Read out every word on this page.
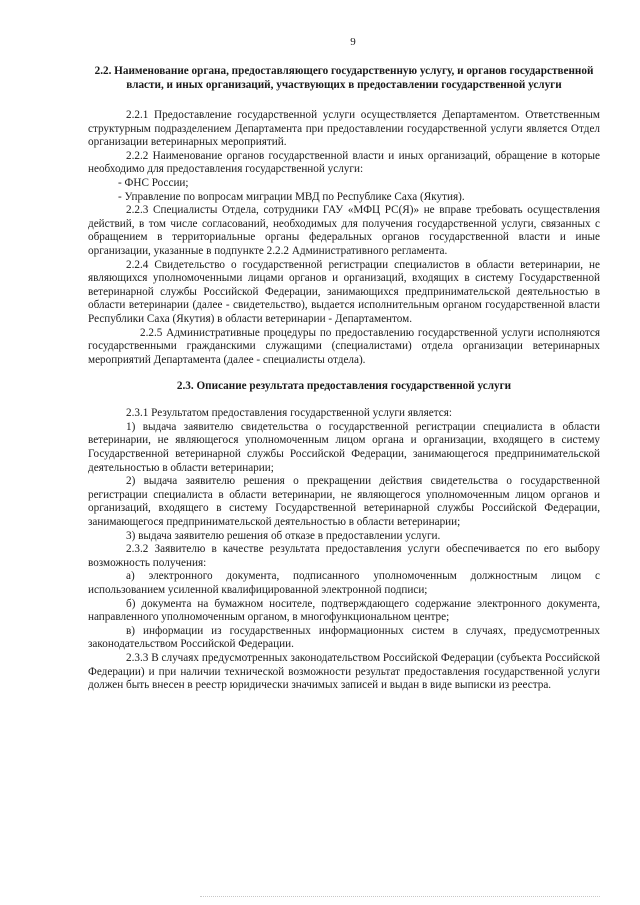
9
2.2. Наименование органа, предоставляющего государственную услугу, и органов государственной власти, и иных организаций, участвующих в предоставлении государственной услуги

2.2.1 Предоставление государственной услуги осуществляется Департаментом. Ответственным структурным подразделением Департамента при предоставлении государственной услуги является Отдел организации ветеринарных мероприятий.

2.2.2 Наименование органов государственной власти и иных организаций, обращение в которые необходимо для предоставления государственной услуги:

- ФНС России;

- Управление по вопросам миграции МВД по Республике Саха (Якутия).

2.2.3 Специалисты Отдела, сотрудники ГАУ «МФЦ РС(Я)» не вправе требовать осуществления действий, в том числе согласований, необходимых для получения государственной услуги, связанных с обращением в территориальные органы федеральных органов государственной власти и иные организации, указанные в подпункте 2.2.2 Административного регламента.

2.2.4 Свидетельство о государственной регистрации специалистов в области ветеринарии, не являющихся уполномоченными лицами органов и организаций, входящих в систему Государственной ветеринарной службы Российской Федерации, занимающихся предпринимательской деятельностью в области ветеринарии (далее - свидетельство), выдается исполнительным органом государственной власти Республики Саха (Якутия) в области ветеринарии - Департаментом.

2.2.5 Административные процедуры по предоставлению государственной услуги исполняются государственными гражданскими служащими (специалистами) отдела организации ветеринарных мероприятий Департамента (далее - специалисты отдела).

2.3. Описание результата предоставления государственной услуги

2.3.1 Результатом предоставления государственной услуги является:

1) выдача заявителю свидетельства о государственной регистрации специалиста в области ветеринарии, не являющегося уполномоченным лицом органа и организации, входящего в систему Государственной ветеринарной службы Российской Федерации, занимающегося предпринимательской деятельностью в области ветеринарии;

2) выдача заявителю решения о прекращении действия свидетельства о государственной регистрации специалиста в области ветеринарии, не являющегося уполномоченным лицом органов и организаций, входящего в систему Государственной ветеринарной службы Российской Федерации, занимающегося предпринимательской деятельностью в области ветеринарии;

3) выдача заявителю решения об отказе в предоставлении услуги.

2.3.2 Заявителю в качестве результата предоставления услуги обеспечивается по его выбору возможность получения:

а) электронного документа, подписанного уполномоченным должностным лицом с использованием усиленной квалифицированной электронной подписи;

б) документа на бумажном носителе, подтверждающего содержание электронного документа, направленного уполномоченным органом, в многофункциональном центре;

в) информации из государственных информационных систем в случаях, предусмотренных законодательством Российской Федерации.

2.3.3 В случаях предусмотренных законодательством Российской Федерации (субъекта Российской Федерации) и при наличии технической возможности результат предоставления государственной услуги должен быть внесен в реестр юридически значимых записей и выдан в виде выписки из реестра.
